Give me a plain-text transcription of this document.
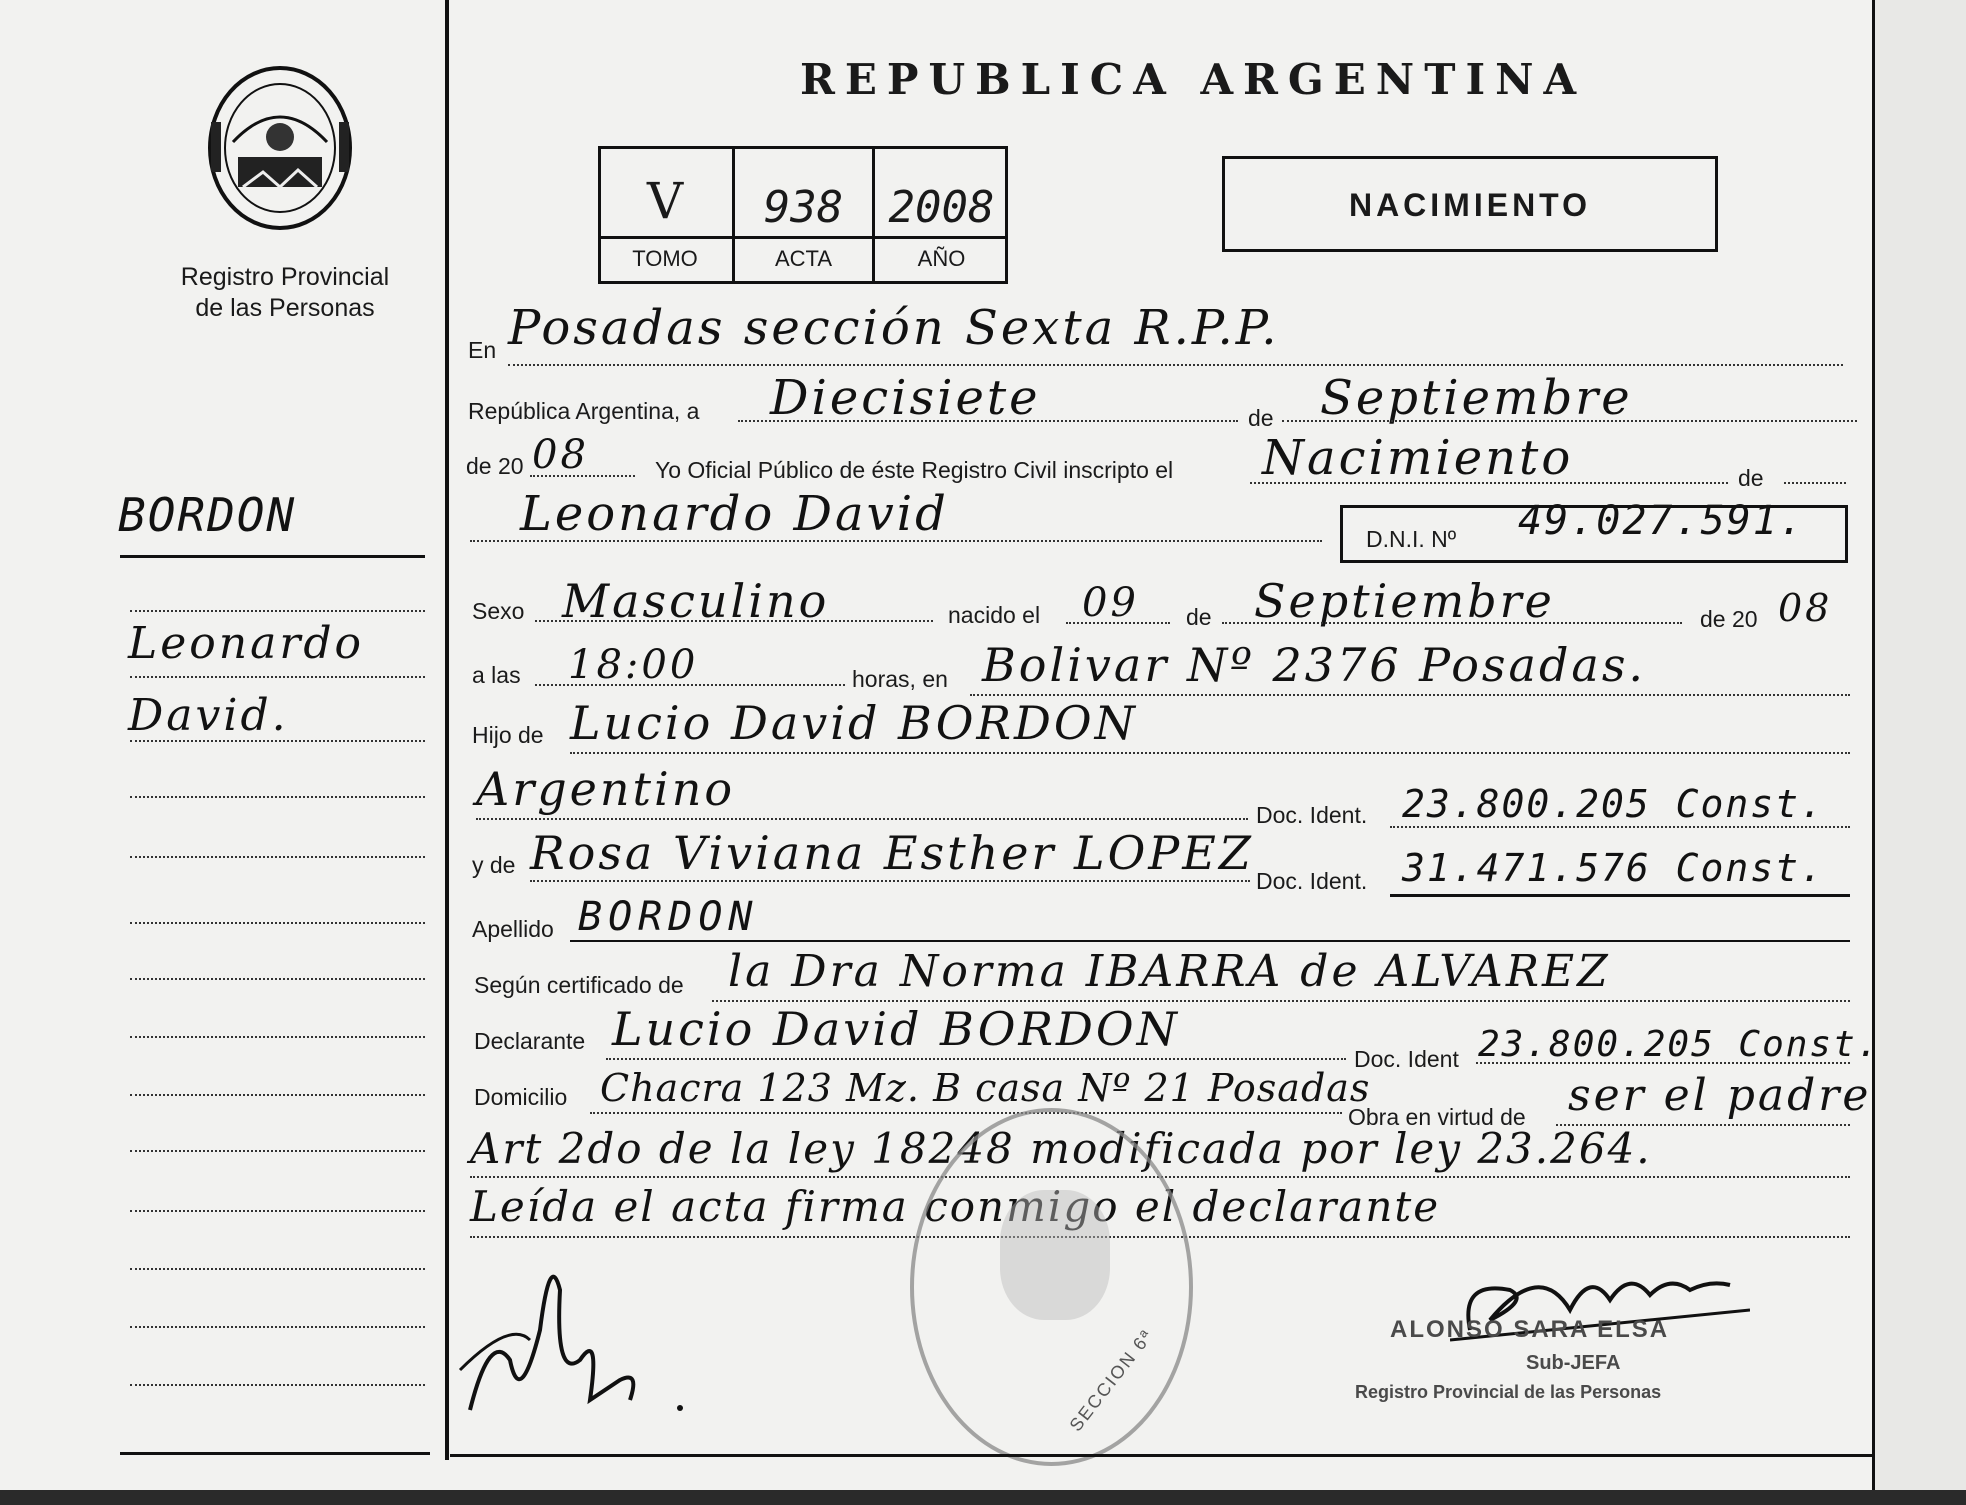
Registro Provincial
de las Personas
BORDON
Leonardo
David.
REPUBLICA ARGENTINA
V	938	2008
TOMO	ACTA	AÑO
NACIMIENTO
En Posadas sección Sexta R.P.P.
República Argentina, a Diecisiete	de Septiembre
de 20 08	Yo Oficial Público de éste Registro Civil inscripto el Nacimiento	de
Leonardo David	D.N.I. Nº 49.027.591.
Sexo Masculino	nacido el 09 de Septiembre	de 20 08
a las 18:00	horas, en Bolivar Nº 2376 Posadas.
Hijo de Lucio David BORDON
Argentino	Doc. Ident. 23.800.205 Const.
y de Rosa Viviana Esther LOPEZ
Doc. Ident. 31.471.576 Const.
Apellido BORDON
Según certificado de la Dra Norma IBARRA de ALVAREZ
Declarante Lucio David BORDON
Doc. Ident 23.800.205 Const.
Domicilio Chacra 123 Mz. B casa Nº 21 Posadas
Obra en virtud de ser el padre
Art 2do de la ley 18248 modificada por ley 23.264.
Leída el acta firma conmigo el declarante
SECCION 6ª	ALONSO SARA ELSA
Sub-JEFA
Registro Provincial de las Personas
